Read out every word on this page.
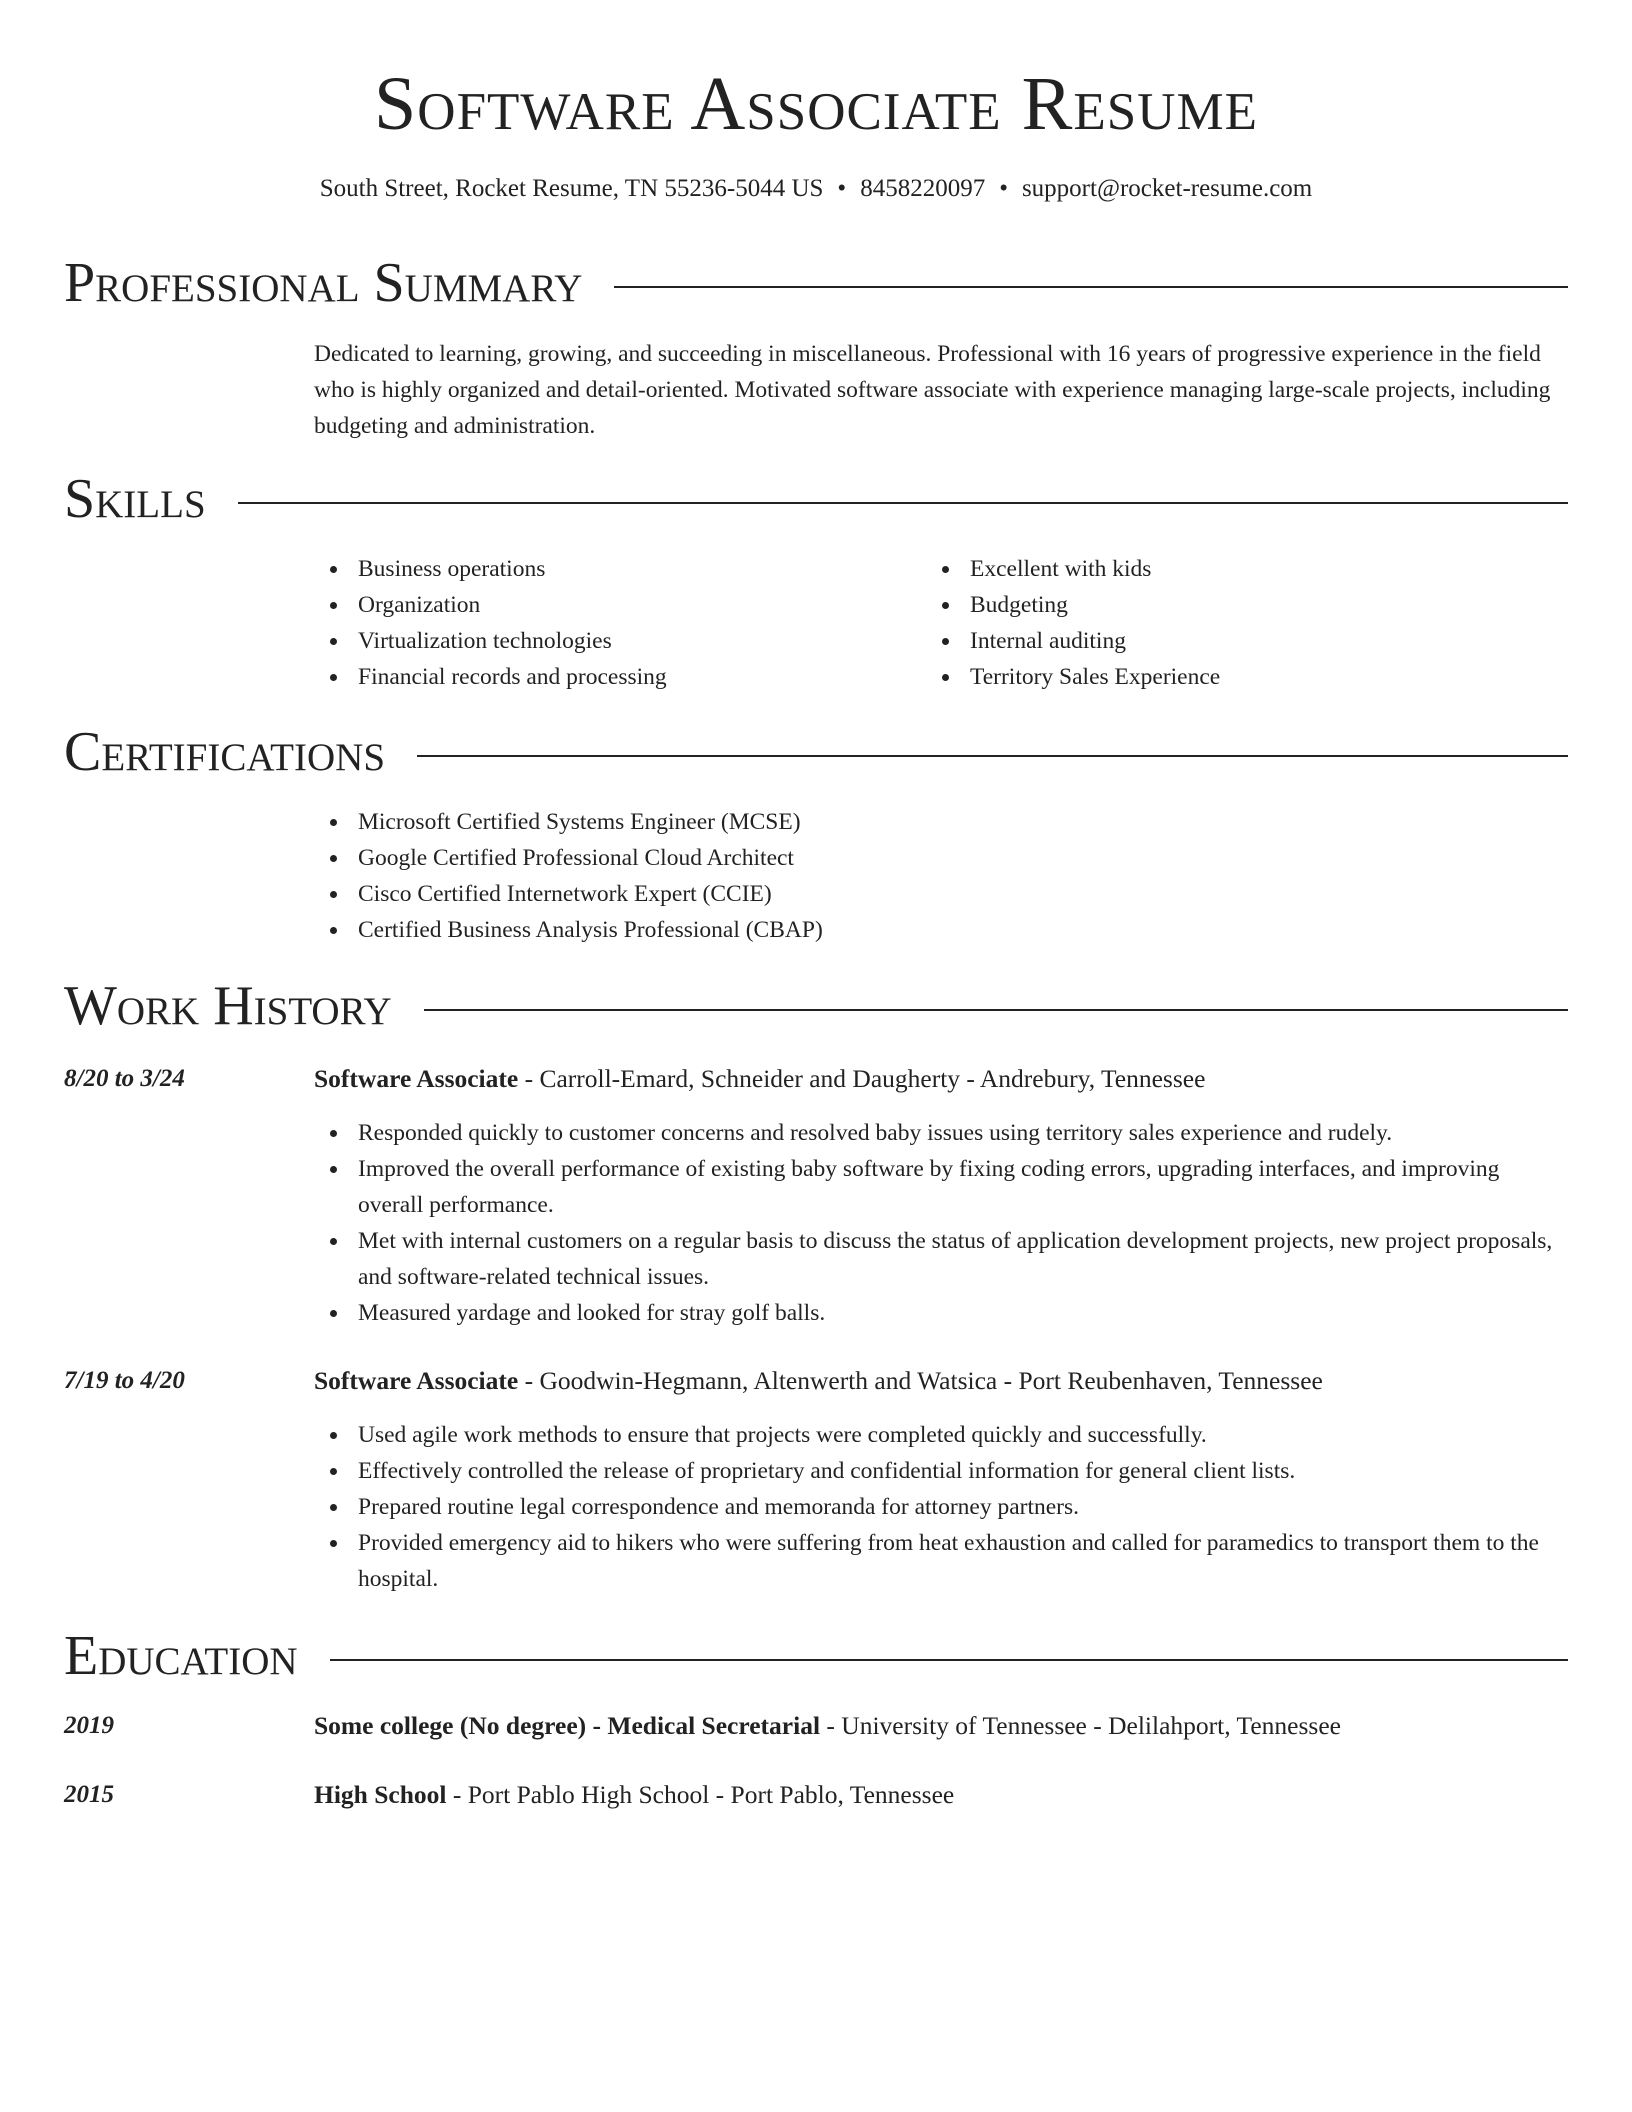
Software Associate Resume
South Street, Rocket Resume, TN 55236-5044 US • 8458220097 • support@rocket-resume.com
Professional Summary

Dedicated to learning, growing, and succeeding in miscellaneous. Professional with 16 years of progressive experience in the field who is highly organized and detail-oriented. Motivated software associate with experience managing large-scale projects, including budgeting and administration.

Skills
Business operations
Organization
Virtualization technologies
Financial records and processing
Excellent with kids
Budgeting
Internal auditing
Territory Sales Experience
Certifications
Microsoft Certified Systems Engineer (MCSE)
Google Certified Professional Cloud Architect
Cisco Certified Internetwork Expert (CCIE)
Certified Business Analysis Professional (CBAP)
Work History
8/20 to 3/24	Software Associate - Carroll-Emard, Schneider and Daugherty - Andrebury, Tennessee
Responded quickly to customer concerns and resolved baby issues using territory sales experience and rudely.
Improved the overall performance of existing baby software by fixing coding errors, upgrading interfaces, and improving overall performance.
Met with internal customers on a regular basis to discuss the status of application development projects, new project proposals, and software-related technical issues.
Measured yardage and looked for stray golf balls.
7/19 to 4/20	Software Associate - Goodwin-Hegmann, Altenwerth and Watsica - Port Reubenhaven, Tennessee
Used agile work methods to ensure that projects were completed quickly and successfully.
Effectively controlled the release of proprietary and confidential information for general client lists.
Prepared routine legal correspondence and memoranda for attorney partners.
Provided emergency aid to hikers who were suffering from heat exhaustion and called for paramedics to transport them to the hospital.
Education
2019	Some college (No degree) - Medical Secretarial - University of Tennessee - Delilahport, Tennessee
2015	High School - Port Pablo High School - Port Pablo, Tennessee
